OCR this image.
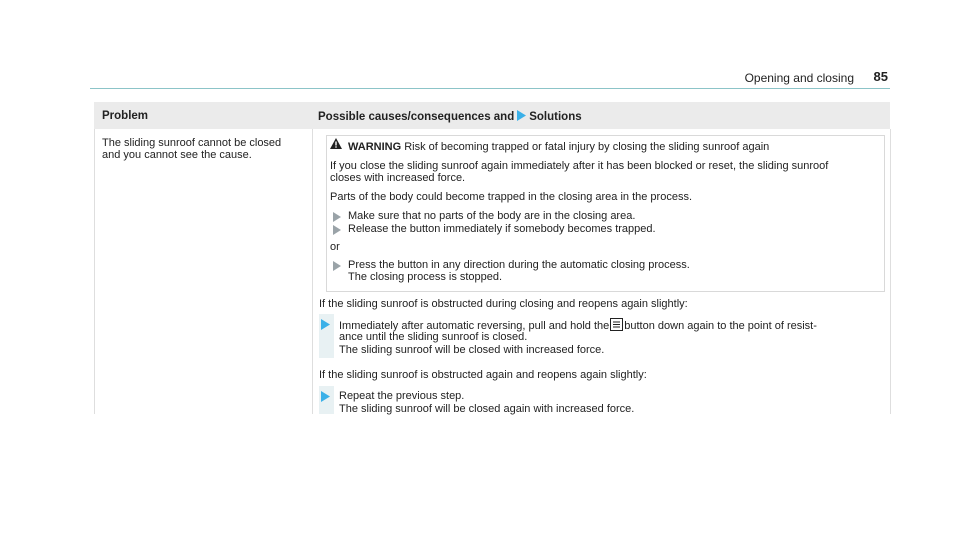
Opening and closing 85
Problem	Possible causes/consequences and Solutions
The sliding sunroof cannot be closed
and you cannot see the cause.
WARNING Risk of becoming trapped or fatal injury by closing the sliding sunroof again
If you close the sliding sunroof again immediately after it has been blocked or reset, the sliding sunroof
closes with increased force.
Parts of the body could become trapped in the closing area in the process.
Make sure that no parts of the body are in the closing area.
Release the button immediately if somebody becomes trapped.
or
Press the button in any direction during the automatic closing process.
The closing process is stopped.
If the sliding sunroof is obstructed during closing and reopens again slightly:
Immediately after automatic reversing, pull and hold the button down again to the point of resist-
ance until the sliding sunroof is closed.
The sliding sunroof will be closed with increased force.
If the sliding sunroof is obstructed again and reopens again slightly:
Repeat the previous step.
The sliding sunroof will be closed again with increased force.
